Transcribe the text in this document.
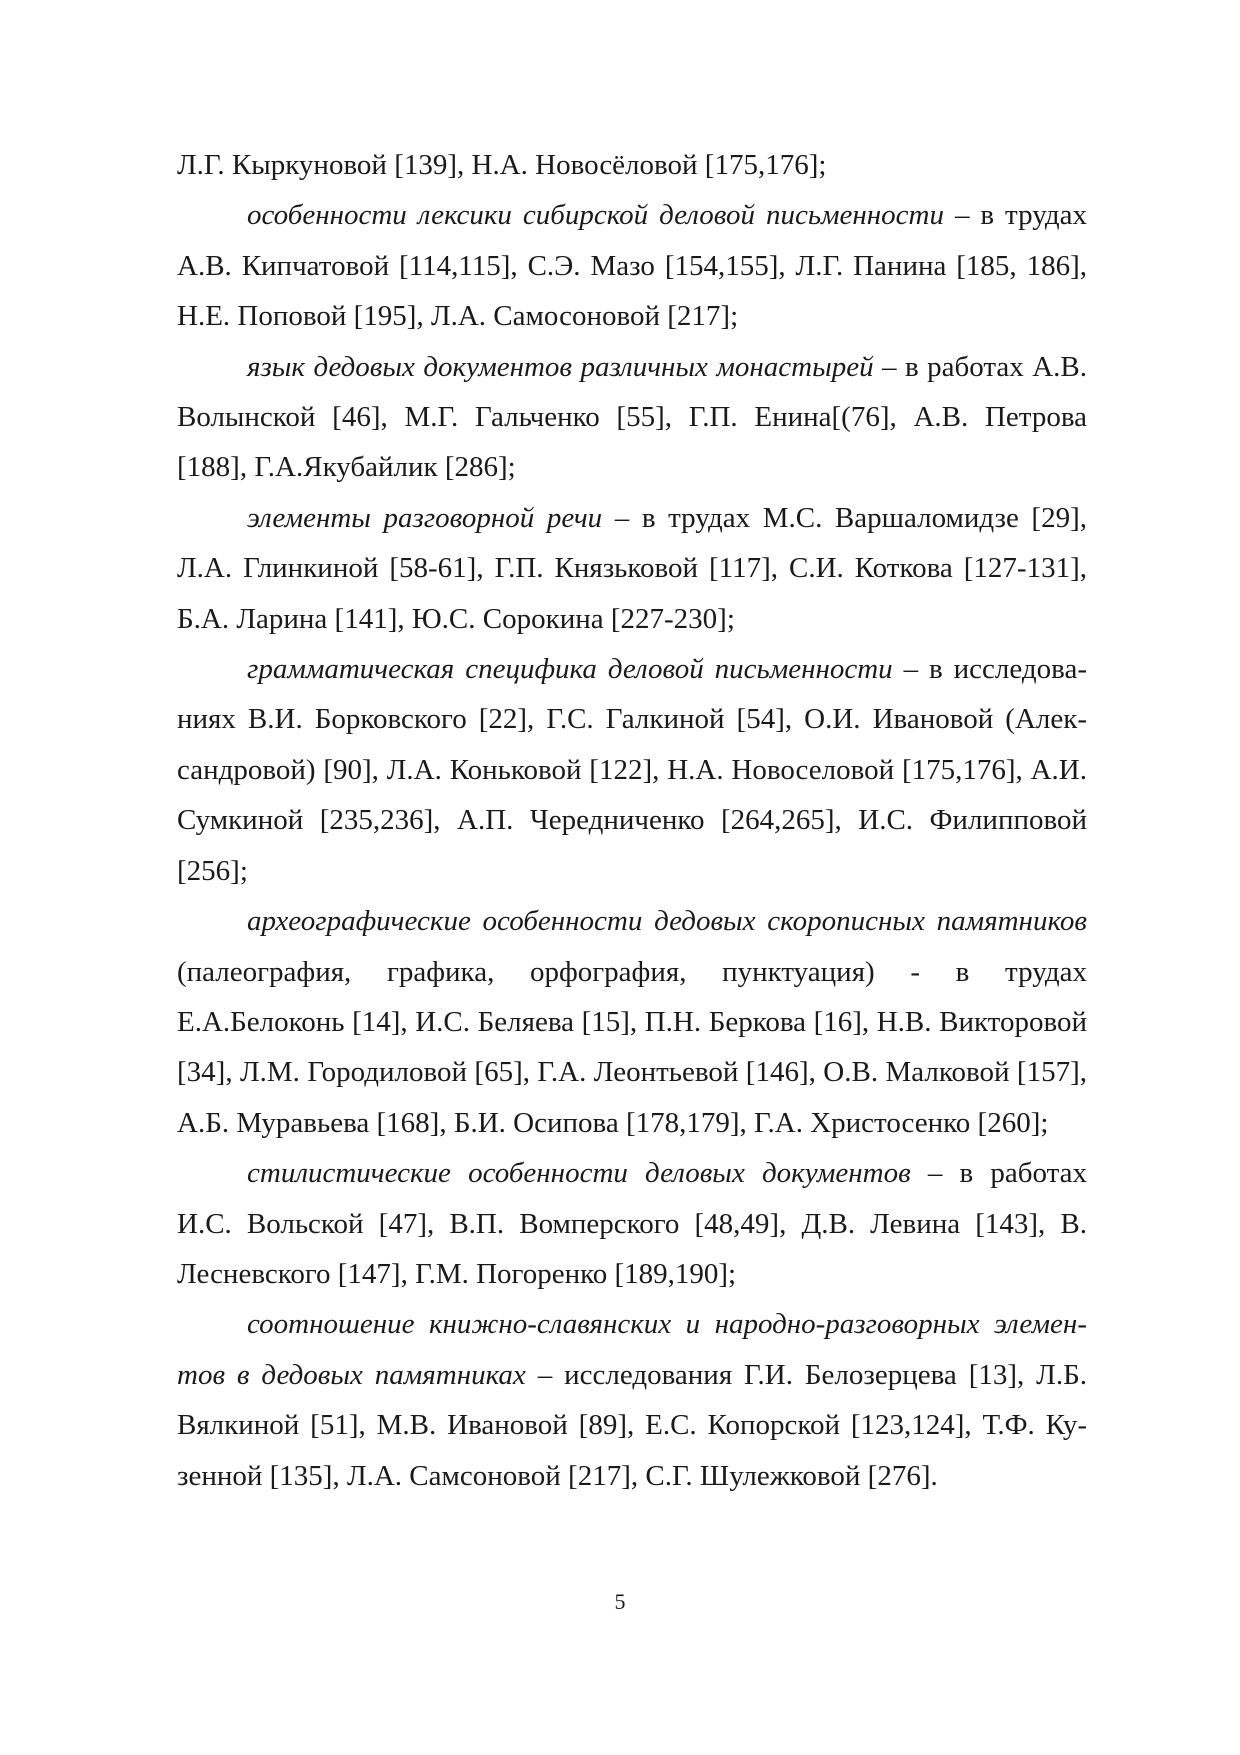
Л.Г. Кыркуновой [139], Н.А. Новосёловой [175,176];

особенности лексики сибирской деловой письменности – в трудах А.В. Кипчатовой [114,115], С.Э. Мазо [154,155], Л.Г. Панина [185, 186], Н.Е. Поповой [195], Л.А. Самосоновой [217];

язык дедовых документов различных монастырей – в работах А.В. Волынской [46], М.Г. Гальченко [55], Г.П. Енина[(76], А.В. Петрова [188], Г.А.Якубайлик [286];

элементы разговорной речи – в трудах М.С. Варшаломидзе [29], Л.А. Глинкиной [58-61], Г.П. Князьковой [117], С.И. Коткова [127-131], Б.А. Ларина [141], Ю.С. Сорокина [227-230];

грамматическая специфика деловой письменности – в исследованиях В.И. Борковского [22], Г.С. Галкиной [54], О.И. Ивановой (Александровой) [90], Л.А. Коньковой [122], Н.А. Новоселовой [175,176], А.И. Сумкиной [235,236], А.П. Чередниченко [264,265], И.С. Филипповой [256];

археографические особенности дедовых скорописных памятников (палеография, графика, орфография, пунктуация) - в трудах Е.А.Белоконь [14], И.С. Беляева [15], П.Н. Беркова [16], Н.В. Викторовой [34], Л.М. Городиловой [65], Г.А. Леонтьевой [146], О.В. Малковой [157], А.Б. Муравьева [168], Б.И. Осипова [178,179], Г.А. Христосенко [260];

стилистические особенности деловых документов – в работах И.С. Вольской [47], В.П. Вомперского [48,49], Д.В. Левина [143], В. Лесневского [147], Г.М. Погоренко [189,190];

соотношение книжно-славянских и народно-разговорных элементов в дедовых памятниках – исследования Г.И. Белозерцева [13], Л.Б. Вялкиной [51], М.В. Ивановой [89], Е.С. Копорской [123,124], Т.Ф. Кузенной [135], Л.А. Самсоновой [217], С.Г. Шулежковой [276].

5
